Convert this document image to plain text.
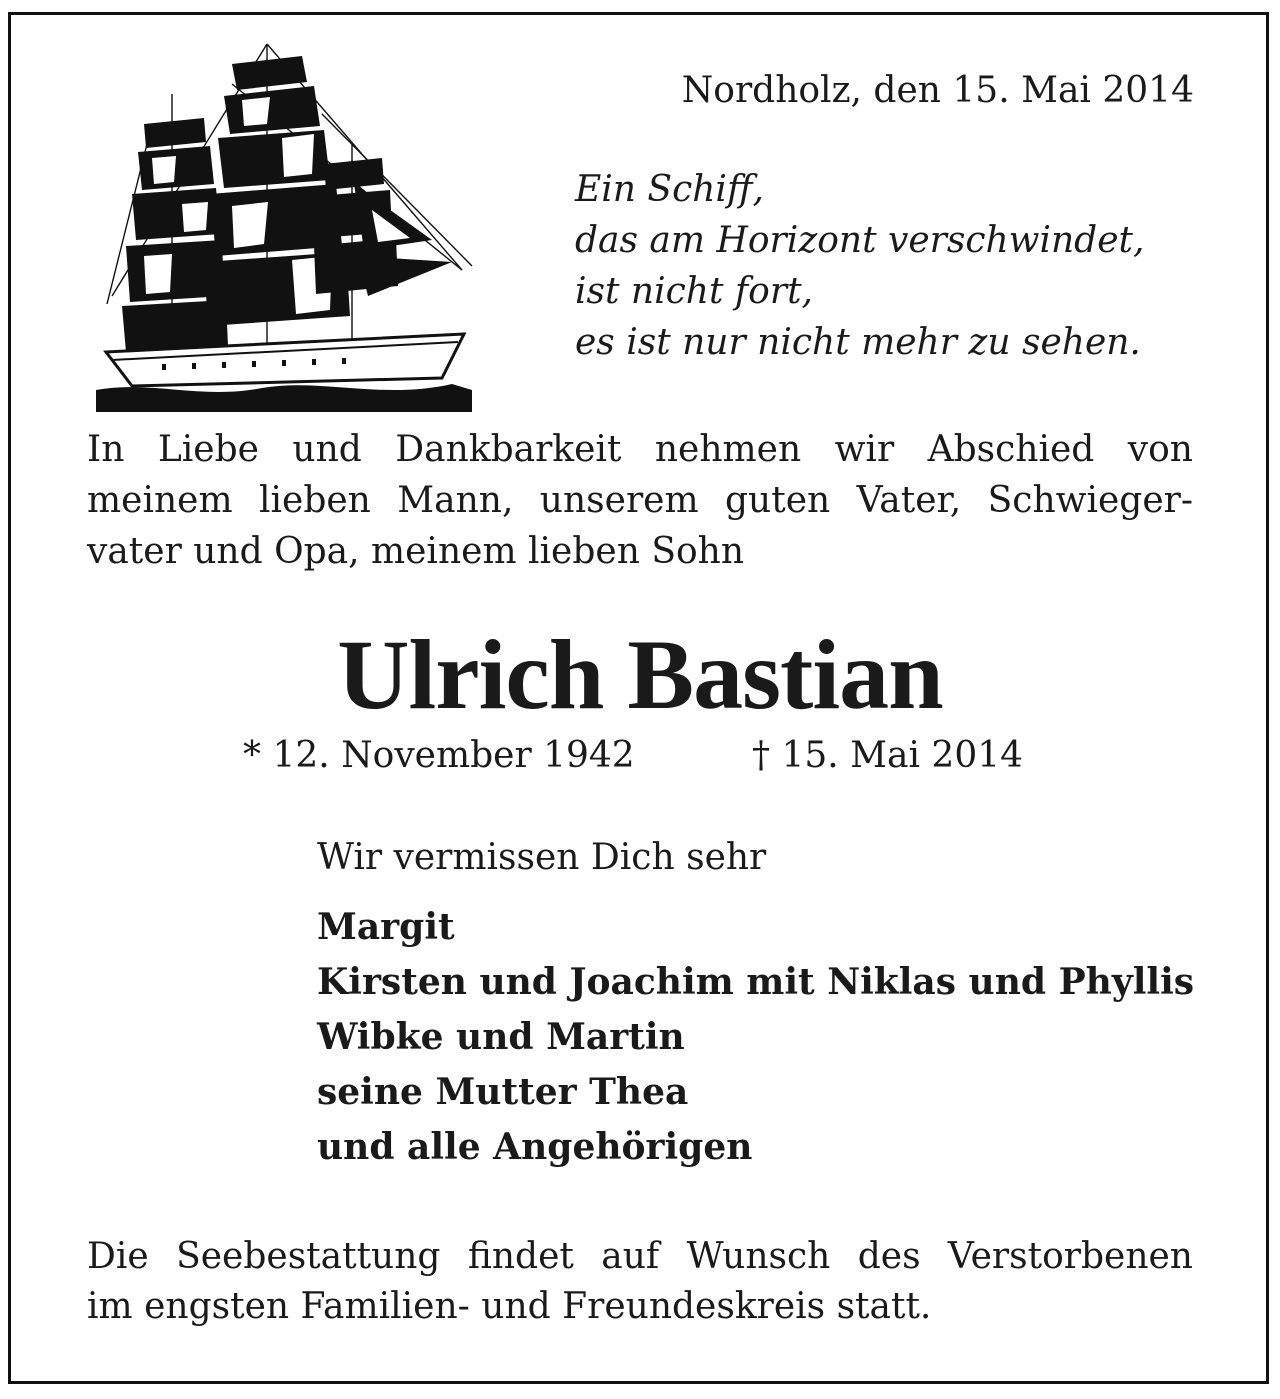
Nordholz, den 15. Mai 2014
Ein Schiff,
das am Horizont verschwindet,
ist nicht fort,
es ist nur nicht mehr zu sehen.
In Liebe und Dankbarkeit nehmen wir Abschied von
meinem lieben Mann, unserem guten Vater, Schwieger-
vater und Opa, meinem lieben Sohn
Ulrich Bastian
* 12. November 1942	† 15. Mai 2014
Wir vermissen Dich sehr
Margit
Kirsten und Joachim mit Niklas und Phyllis
Wibke und Martin
seine Mutter Thea
und alle Angehörigen
Die Seebestattung findet auf Wunsch des Verstorbenen
im engsten Familien- und Freundeskreis statt.
